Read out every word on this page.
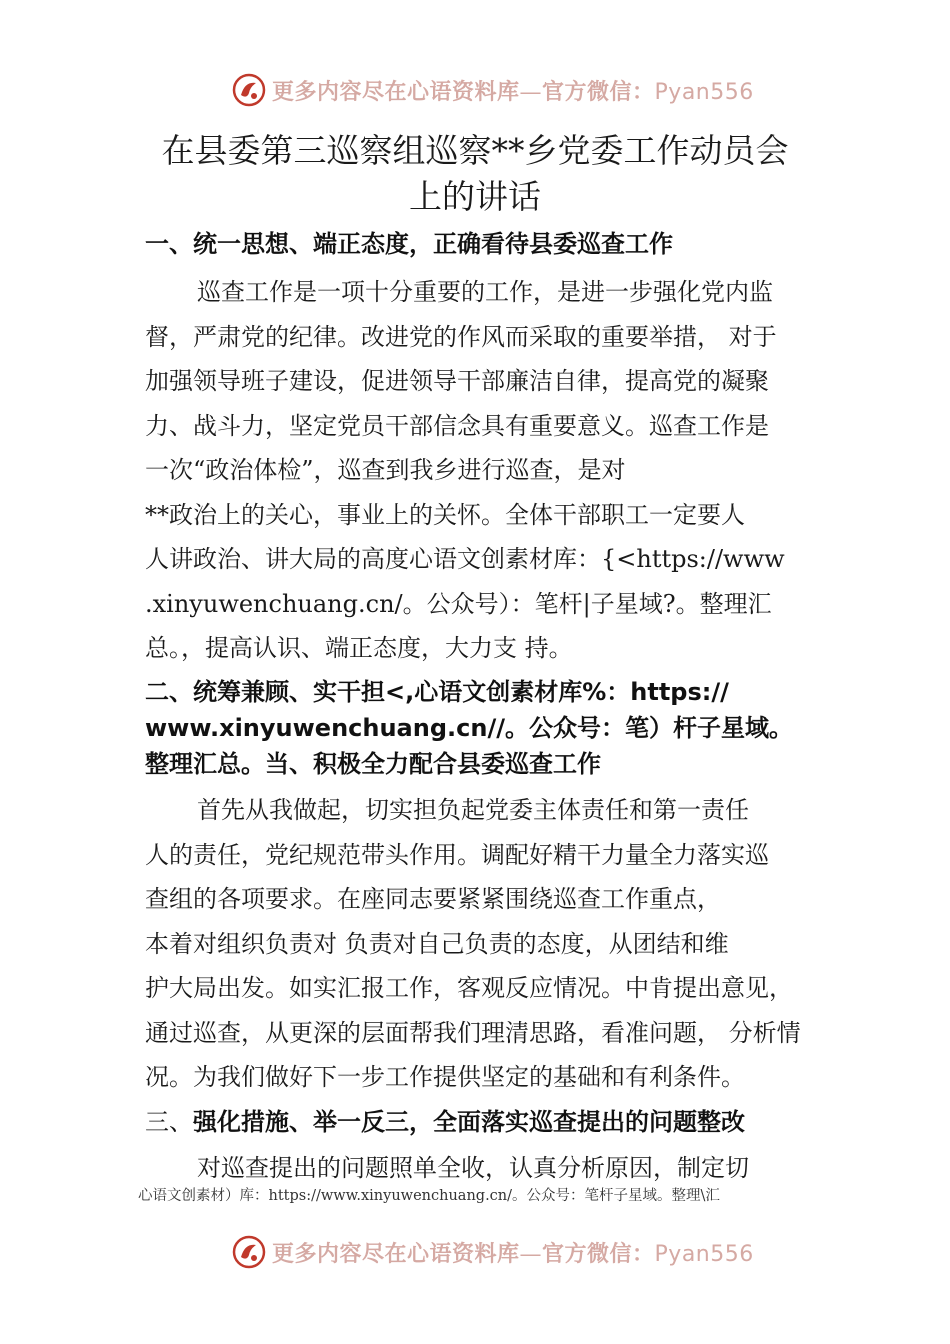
更多内容尽在心语资料库—官方微信：Pyan556
在县委第三巡察组巡察**乡党委工作动员会
上的讲话
一、统一思想、端正态度，正确看待县委巡查工作
巡查工作是一项十分重要的工作，是进一步强化党内监
督，严肃党的纪律。改进党的作风而采取的重要举措， 对于
加强领导班子建设，促进领导干部廉洁自律，提高党的凝聚
力、战斗力，坚定党员干部信念具有重要意义。巡查工作是
一次“政治体检”，巡查到我乡进行巡查，是对
**政治上的关心，事业上的关怀。全体干部职工一定要人
人讲政治、讲大局的高度心语文创素材库：{<https://www
.xinyuwenchuang.cn/。公众号）：笔杆|子星域?。整理汇
总。，提高认识、端正态度，大力支 持。
二、统筹兼顾、实干担<,心语文创素材库%：https://
www.xinyuwenchuang.cn//。公众号：笔）杆子星域。
整理汇总。当、积极全力配合县委巡查工作
首先从我做起，切实担负起党委主体责任和第一责任
人的责任，党纪规范带头作用。调配好精干力量全力落实巡
查组的各项要求。在座同志要紧紧围绕巡查工作重点，
本着对组织负责对 负责对自己负责的态度，从团结和维
护大局出发。如实汇报工作，客观反应情况。中肯提出意见，
通过巡查，从更深的层面帮我们理清思路，看准问题， 分析情
况。为我们做好下一步工作提供坚定的基础和有利条件。
三、强化措施、举一反三，全面落实巡查提出的问题整改
对巡查提出的问题照单全收，认真分析原因，制定切
心语文创素材）库：https://www.xinyuwenchuang.cn/。公众号：笔杆子星域。整理\汇
更多内容尽在心语资料库—官方微信：Pyan556
